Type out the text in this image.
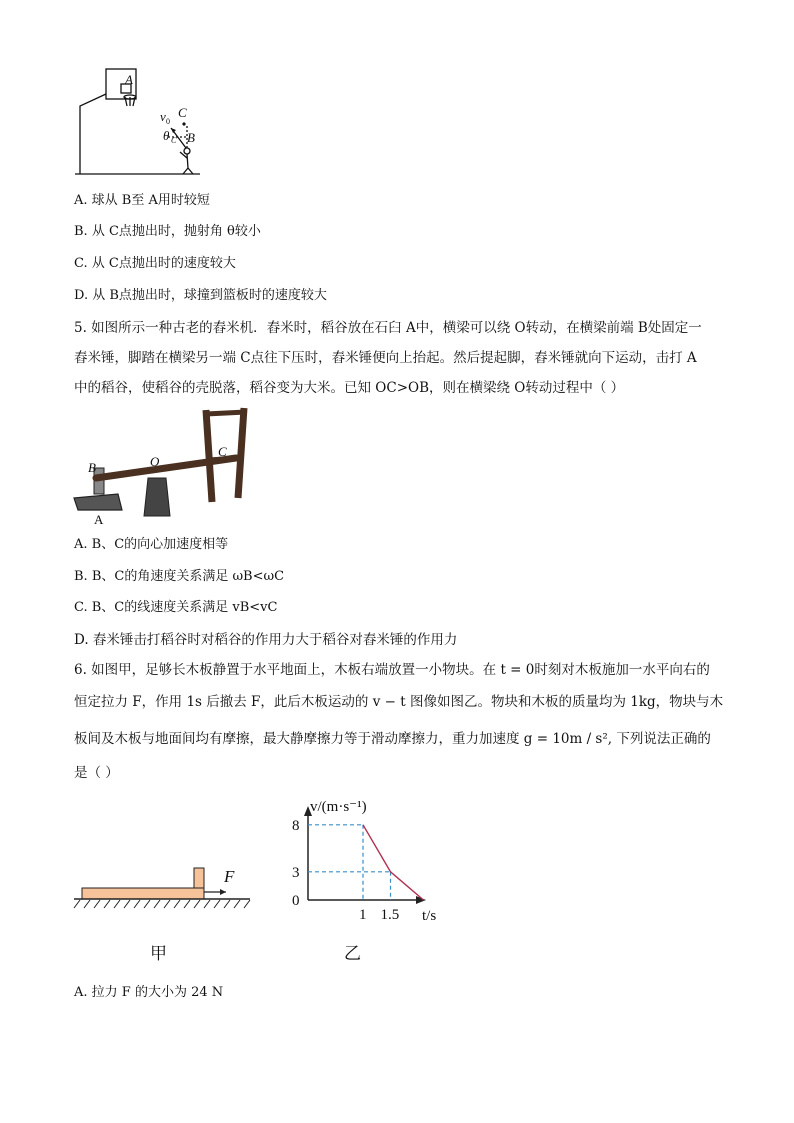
A
C
B
v 0
θ C
A. 球从 B至 A用时较短
B. 从 C点抛出时，抛射角 θ较小
C. 从 C点抛出时的速度较大
D. 从 B点抛出时，球撞到篮板时的速度较大
5. 如图所示一种古老的舂米机．舂米时，稻谷放在石臼 A中，横梁可以绕 O转动，在横梁前端 B处固定一
舂米锤，脚踏在横梁另一端 C点往下压时，舂米锤便向上抬起。然后提起脚，舂米锤就向下运动，击打 A
中的稻谷，使稻谷的壳脱落，稻谷变为大米。已知 OC>OB，则在横梁绕 O转动过程中（ ）
B	O
C
A
A. B、C的向心加速度相等
B. B、C的角速度关系满足 ωB<ωC
C. B、C的线速度关系满足 vB<vC
D. 舂米锤击打稻谷时对稻谷的作用力大于稻谷对舂米锤的作用力
6. 如图甲，足够长木板静置于水平地面上，木板右端放置一小物块。在 t = 0时刻对木板施加一水平向右的
恒定拉力 F，作用 1s 后撤去 F，此后木板运动的 v − t 图像如图乙。物块和木板的质量均为 1kg，物块与木
板间及木板与地面间均有摩擦，最大静摩擦力等于滑动摩擦力，重力加速度 g = 10m / s², 下列说法正确的
是（ ）
F
甲
v/(m·s⁻¹)
t/s
0
3
8
1 1.5
乙
A. 拉力 F 的大小为 24 N
